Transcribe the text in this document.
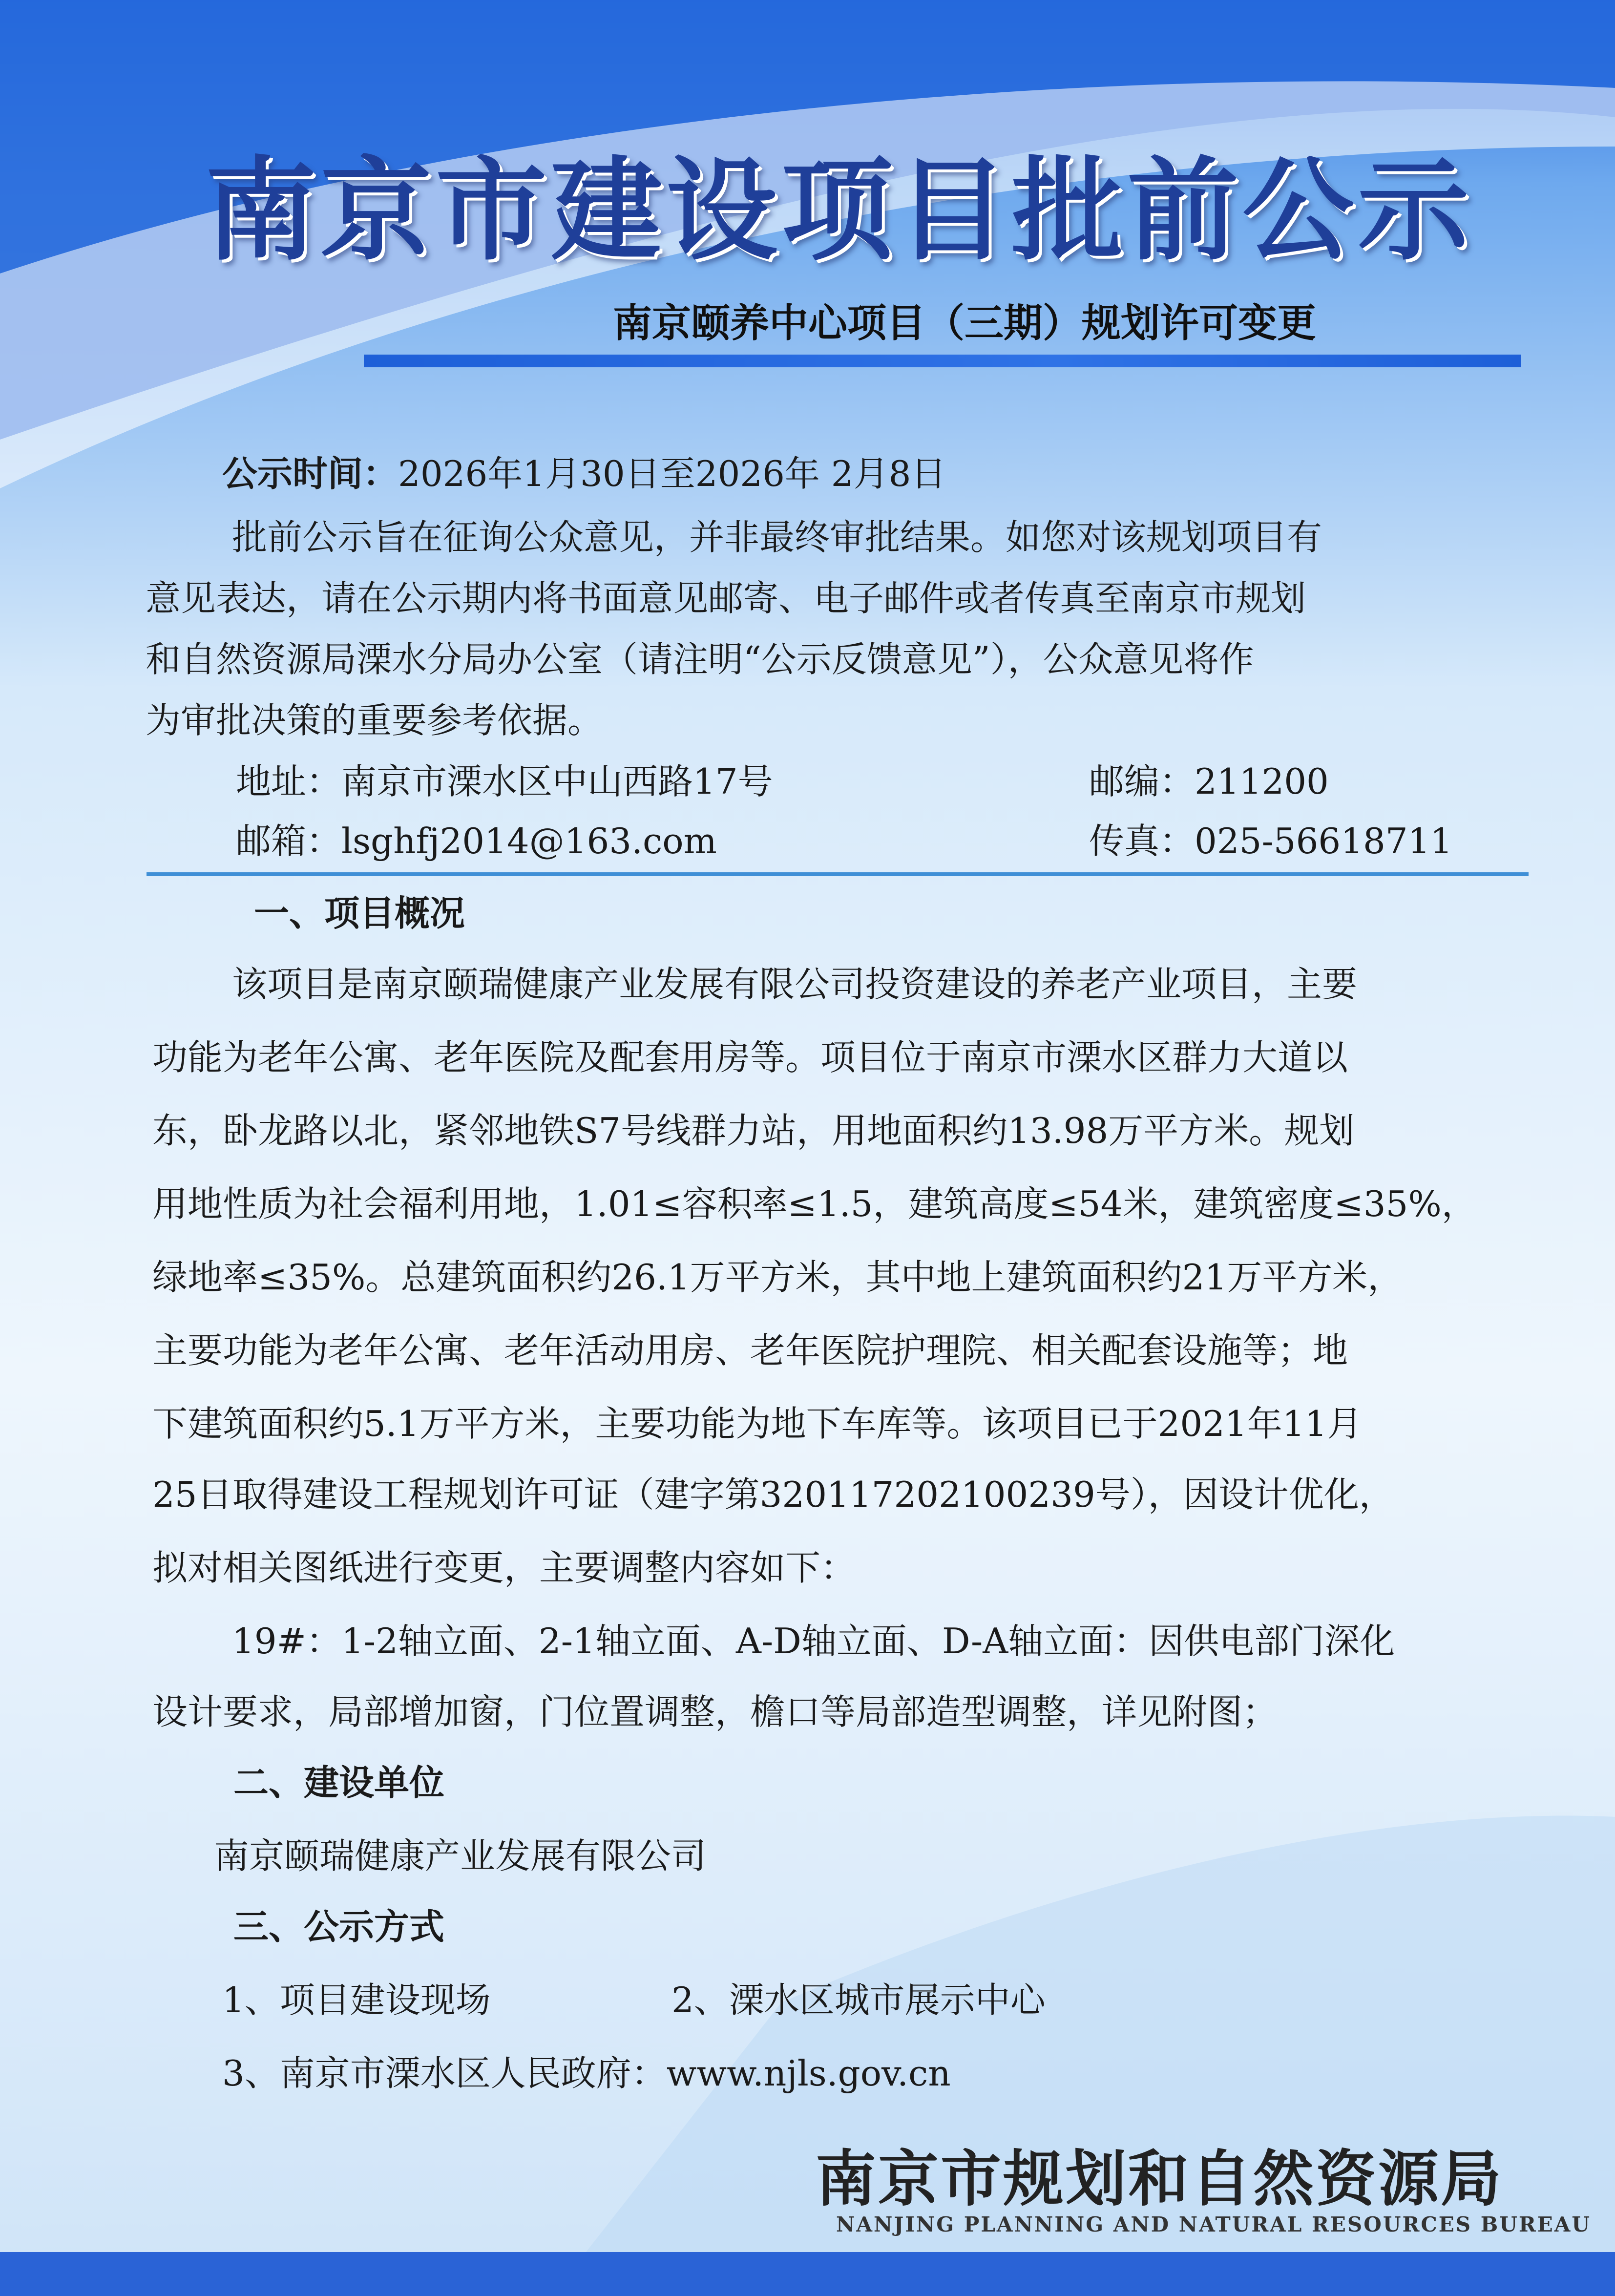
南京市建设项目批前公示
南京颐养中心项目（三期）规划许可变更
公示时间：2026年1月30日至2026年 2月8日
批前公示旨在征询公众意见，并非最终审批结果。如您对该规划项目有
意见表达，请在公示期内将书面意见邮寄、电子邮件或者传真至南京市规划
和自然资源局溧水分局办公室（请注明“公示反馈意见”），公众意见将作
为审批决策的重要参考依据。
地址：南京市溧水区中山西路17号	邮编：211200
邮箱：lsghfj2014@163.com	传真：025-56618711
一、项目概况
该项目是南京颐瑞健康产业发展有限公司投资建设的养老产业项目，主要
功能为老年公寓、老年医院及配套用房等。项目位于南京市溧水区群力大道以
东，卧龙路以北，紧邻地铁S7号线群力站，用地面积约13.98万平方米。规划
用地性质为社会福利用地，1.01≤容积率≤1.5，建筑高度≤54米，建筑密度≤35%，
绿地率≤35%。总建筑面积约26.1万平方米，其中地上建筑面积约21万平方米，
主要功能为老年公寓、老年活动用房、老年医院护理院、相关配套设施等；地
下建筑面积约5.1万平方米，主要功能为地下车库等。该项目已于2021年11月
25日取得建设工程规划许可证（建字第320117202100239号），因设计优化，
拟对相关图纸进行变更，主要调整内容如下：
19#：1-2轴立面、2-1轴立面、A-D轴立面、D-A轴立面：因供电部门深化
设计要求，局部增加窗，门位置调整，檐口等局部造型调整，详见附图；
二、建设单位
南京颐瑞健康产业发展有限公司
三、公示方式
1、项目建设现场	2、溧水区城市展示中心
3、南京市溧水区人民政府：www.njls.gov.cn
南京市规划和自然资源局
NANJING PLANNING AND NATURAL RESOURCES BUREAU
